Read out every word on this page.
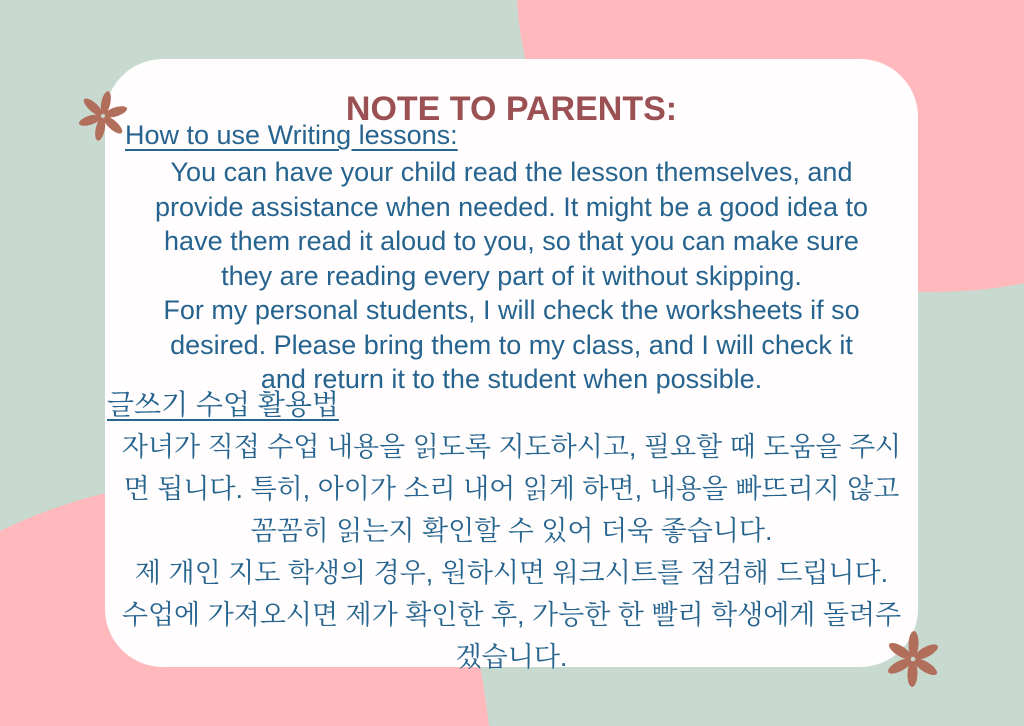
NOTE TO PARENTS:
How to use Writing lessons:
You can have your child read the lesson themselves, and
provide assistance when needed. It might be a good idea to
have them read it aloud to you, so that you can make sure
they are reading every part of it without skipping.
For my personal students, I will check the worksheets if so
desired. Please bring them to my class, and I will check it
and return it to the student when possible.
글쓰기 수업 활용법
자녀가 직접 수업 내용을 읽도록 지도하시고, 필요할 때 도움을 주시
면 됩니다. 특히, 아이가 소리 내어 읽게 하면, 내용을 빠뜨리지 않고
꼼꼼히 읽는지 확인할 수 있어 더욱 좋습니다.
제 개인 지도 학생의 경우, 원하시면 워크시트를 점검해 드립니다.
수업에 가져오시면 제가 확인한 후, 가능한 한 빨리 학생에게 돌려주
겠습니다.
